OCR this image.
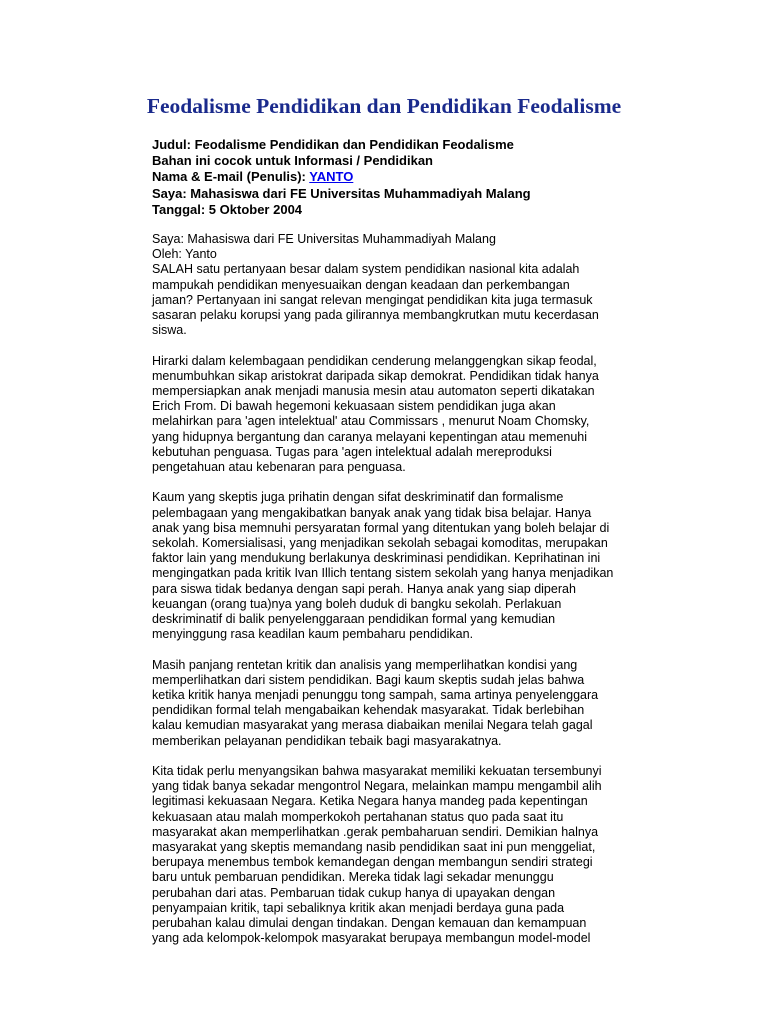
Feodalisme Pendidikan dan Pendidikan Feodalisme
Judul: Feodalisme Pendidikan dan Pendidikan Feodalisme
Bahan ini cocok untuk Informasi / Pendidikan
Nama & E-mail (Penulis): YANTO
Saya: Mahasiswa dari FE Universitas Muhammadiyah Malang
Tanggal: 5 Oktober 2004

Saya: Mahasiswa dari FE Universitas Muhammadiyah Malang
Oleh: Yanto
SALAH satu pertanyaan besar dalam system pendidikan nasional kita adalah
mampukah pendidikan menyesuaikan dengan keadaan dan perkembangan
jaman? Pertanyaan ini sangat relevan mengingat pendidikan kita juga termasuk
sasaran pelaku korupsi yang pada gilirannya membangkrutkan mutu kecerdasan
siswa.

Hirarki dalam kelembagaan pendidikan cenderung melanggengkan sikap feodal,
menumbuhkan sikap aristokrat daripada sikap demokrat. Pendidikan tidak hanya
mempersiapkan anak menjadi manusia mesin atau automaton seperti dikatakan
Erich From. Di bawah hegemoni kekuasaan sistem pendidikan juga akan
melahirkan para 'agen intelektual' atau Commissars , menurut Noam Chomsky,
yang hidupnya bergantung dan caranya melayani kepentingan atau memenuhi
kebutuhan penguasa. Tugas para 'agen intelektual adalah mereproduksi
pengetahuan atau kebenaran para penguasa.

Kaum yang skeptis juga prihatin dengan sifat deskriminatif dan formalisme
pelembagaan yang mengakibatkan banyak anak yang tidak bisa belajar. Hanya
anak yang bisa memnuhi persyaratan formal yang ditentukan yang boleh belajar di
sekolah. Komersialisasi, yang menjadikan sekolah sebagai komoditas, merupakan
faktor lain yang mendukung berlakunya deskriminasi pendidikan. Keprihatinan ini
mengingatkan pada kritik Ivan Illich tentang sistem sekolah yang hanya menjadikan
para siswa tidak bedanya dengan sapi perah. Hanya anak yang siap diperah
keuangan (orang tua)nya yang boleh duduk di bangku sekolah. Perlakuan
deskriminatif di balik penyelenggaraan pendidikan formal yang kemudian
menyinggung rasa keadilan kaum pembaharu pendidikan.

Masih panjang rentetan kritik dan analisis yang memperlihatkan kondisi yang
memperlihatkan dari sistem pendidikan. Bagi kaum skeptis sudah jelas bahwa
ketika kritik hanya menjadi penunggu tong sampah, sama artinya penyelenggara
pendidikan formal telah mengabaikan kehendak masyarakat. Tidak berlebihan
kalau kemudian masyarakat yang merasa diabaikan menilai Negara telah gagal
memberikan pelayanan pendidikan tebaik bagi masyarakatnya.

Kita tidak perlu menyangsikan bahwa masyarakat memiliki kekuatan tersembunyi
yang tidak banya sekadar mengontrol Negara, melainkan mampu mengambil alih
legitimasi kekuasaan Negara. Ketika Negara hanya mandeg pada kepentingan
kekuasaan atau malah momperkokoh pertahanan status quo pada saat itu
masyarakat akan memperlihatkan .gerak pembaharuan sendiri. Demikian halnya
masyarakat yang skeptis memandang nasib pendidikan saat ini pun menggeliat,
berupaya menembus tembok kemandegan dengan membangun sendiri strategi
baru untuk pembaruan pendidikan. Mereka tidak lagi sekadar menunggu
perubahan dari atas. Pembaruan tidak cukup hanya di upayakan dengan
penyampaian kritik, tapi sebaliknya kritik akan menjadi berdaya guna pada
perubahan kalau dimulai dengan tindakan. Dengan kemauan dan kemampuan
yang ada kelompok-kelompok masyarakat berupaya membangun model-model
